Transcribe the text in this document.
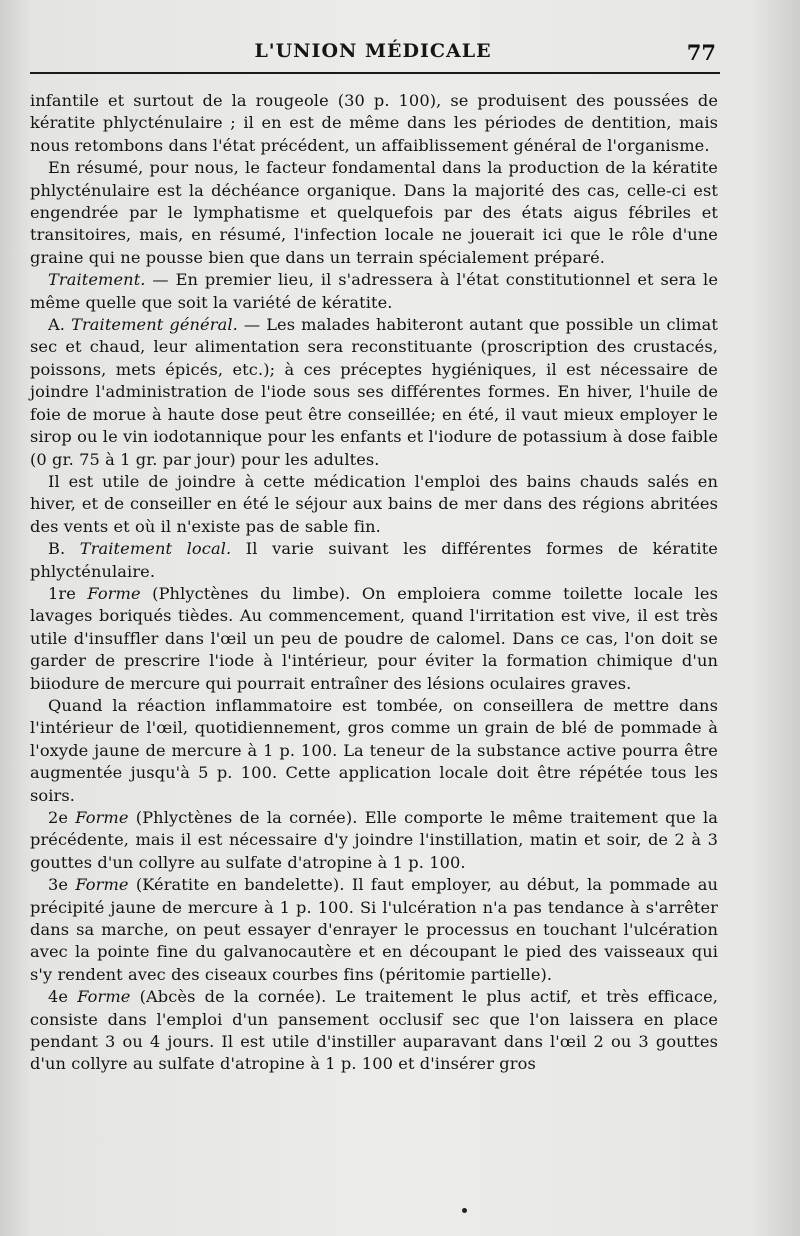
L'UNION MÉDICALE	77

infantile et surtout de la rougeole (30 p. 100), se produisent des poussées de kératite phlycténulaire ; il en est de même dans les périodes de dentition, mais nous retombons dans l'état précédent, un affaiblissement général de l'organisme.

En résumé, pour nous, le facteur fondamental dans la production de la kératite phlycténulaire est la déchéance organique. Dans la majorité des cas, celle-ci est engendrée par le lymphatisme et quelquefois par des états aigus fébriles et transitoires, mais, en résumé, l'infection locale ne jouerait ici que le rôle d'une graine qui ne pousse bien que dans un terrain spécialement préparé.

Traitement. — En premier lieu, il s'adressera à l'état constitutionnel et sera le même quelle que soit la variété de kératite.

A. Traitement général. — Les malades habiteront autant que possible un climat sec et chaud, leur alimentation sera reconstituante (proscription des crustacés, poissons, mets épicés, etc.); à ces préceptes hygiéniques, il est nécessaire de joindre l'administration de l'iode sous ses différentes formes. En hiver, l'huile de foie de morue à haute dose peut être conseillée; en été, il vaut mieux employer le sirop ou le vin iodotannique pour les enfants et l'iodure de potassium à dose faible (0 gr. 75 à 1 gr. par jour) pour les adultes.

Il est utile de joindre à cette médication l'emploi des bains chauds salés en hiver, et de conseiller en été le séjour aux bains de mer dans des régions abritées des vents et où il n'existe pas de sable fin.

B. Traitement local. Il varie suivant les différentes formes de kératite phlycténulaire.

1re Forme (Phlyctènes du limbe). On emploiera comme toilette locale les lavages boriqués tièdes. Au commencement, quand l'irritation est vive, il est très utile d'insuffler dans l'œil un peu de poudre de calomel. Dans ce cas, l'on doit se garder de prescrire l'iode à l'intérieur, pour éviter la formation chimique d'un biiodure de mercure qui pourrait entraîner des lésions oculaires graves.

Quand la réaction inflammatoire est tombée, on conseillera de mettre dans l'intérieur de l'œil, quotidiennement, gros comme un grain de blé de pommade à l'oxyde jaune de mercure à 1 p. 100. La teneur de la substance active pourra être augmentée jusqu'à 5 p. 100. Cette application locale doit être répétée tous les soirs.

2e Forme (Phlyctènes de la cornée). Elle comporte le même traitement que la précédente, mais il est nécessaire d'y joindre l'instillation, matin et soir, de 2 à 3 gouttes d'un collyre au sulfate d'atropine à 1 p. 100.

3e Forme (Kératite en bandelette). Il faut employer, au début, la pommade au précipité jaune de mercure à 1 p. 100. Si l'ulcération n'a pas tendance à s'arrêter dans sa marche, on peut essayer d'enrayer le processus en touchant l'ulcération avec la pointe fine du galvanocautère et en découpant le pied des vaisseaux qui s'y rendent avec des ciseaux courbes fins (péritomie partielle).

4e Forme (Abcès de la cornée). Le traitement le plus actif, et très efficace, consiste dans l'emploi d'un pansement occlusif sec que l'on laissera en place pendant 3 ou 4 jours. Il est utile d'instiller auparavant dans l'œil 2 ou 3 gouttes d'un collyre au sulfate d'atropine à 1 p. 100 et d'insérer gros
